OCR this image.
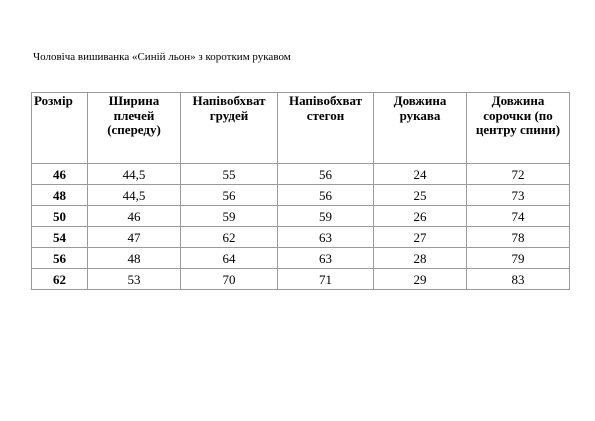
Чоловіча вишиванка «Синій льон» з коротким рукавом
Розмір	Ширина плечей (спереду)	Напівобхват грудей	Напівобхват стегон	Довжина рукава	Довжина сорочки (по центру спини)
46	44,5	55	56	24	72
48	44,5	56	56	25	73
50	46	59	59	26	74
54	47	62	63	27	78
56	48	64	63	28	79
62	53	70	71	29	83
